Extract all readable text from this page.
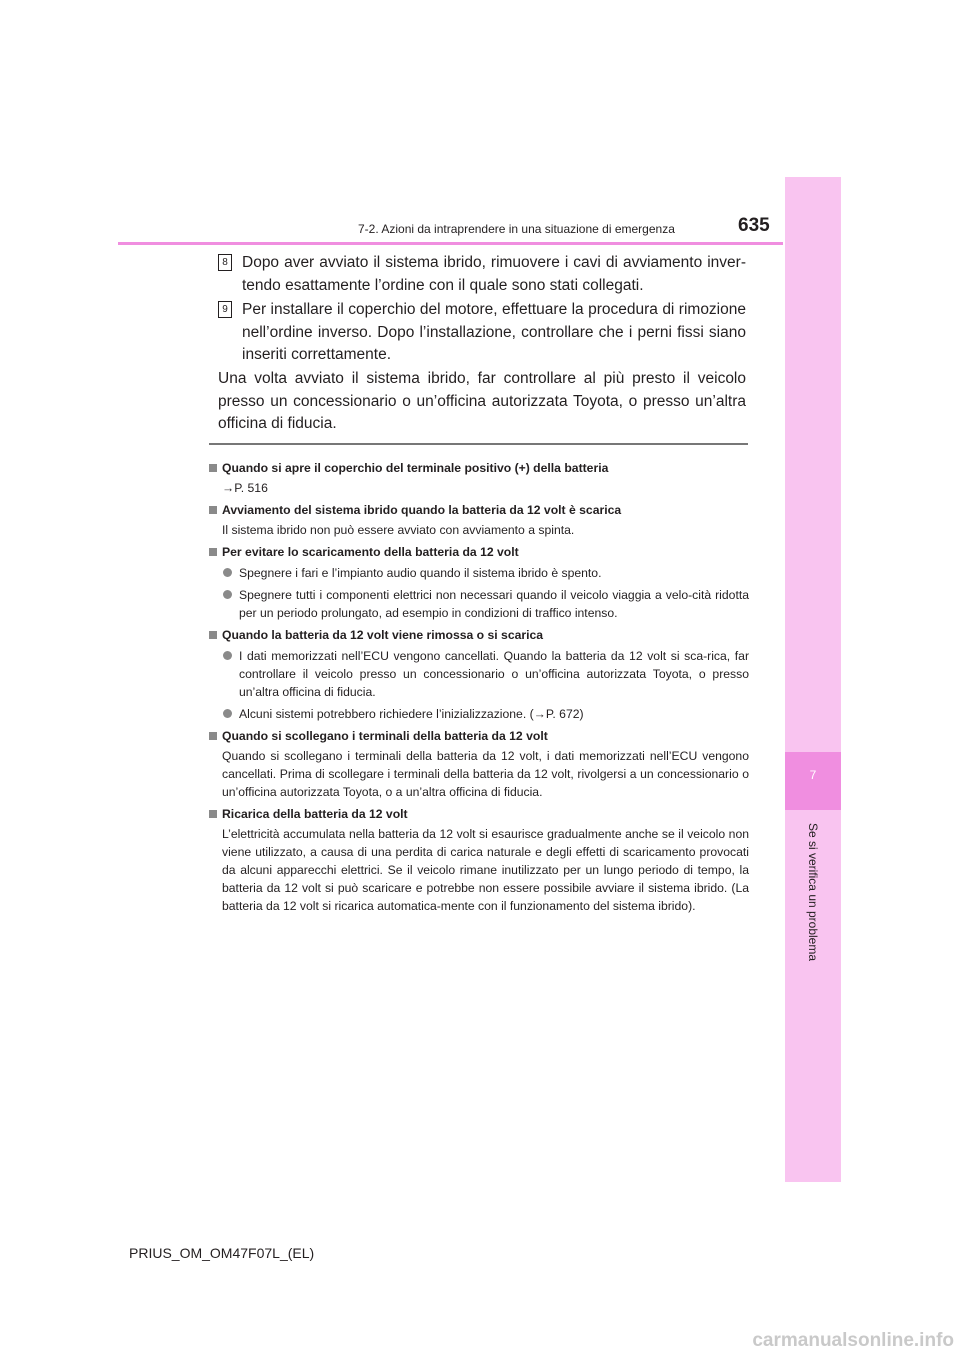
7
Se si verifica un problema
7-2. Azioni da intraprendere in una situazione di emergenza	635
8 Dopo aver avviato il sistema ibrido, rimuovere i cavi di avviamento inver-tendo esattamente l’ordine con il quale sono stati collegati.
9 Per installare il coperchio del motore, effettuare la procedura di rimozione nell’ordine inverso. Dopo l’installazione, controllare che i perni fissi siano inseriti correttamente.
Una volta avviato il sistema ibrido, far controllare al più presto il veicolo presso un concessionario o un’officina autorizzata Toyota, o presso un’altra officina di fiducia.
Quando si apre il coperchio del terminale positivo (+) della batteria
→P. 516
Avviamento del sistema ibrido quando la batteria da 12 volt è scarica
Il sistema ibrido non può essere avviato con avviamento a spinta.
Per evitare lo scaricamento della batteria da 12 volt
Spegnere i fari e l’impianto audio quando il sistema ibrido è spento.
Spegnere tutti i componenti elettrici non necessari quando il veicolo viaggia a velo-cità ridotta per un periodo prolungato, ad esempio in condizioni di traffico intenso.
Quando la batteria da 12 volt viene rimossa o si scarica
I dati memorizzati nell’ECU vengono cancellati. Quando la batteria da 12 volt si sca-rica, far controllare il veicolo presso un concessionario o un’officina autorizzata Toyota, o presso un’altra officina di fiducia.
Alcuni sistemi potrebbero richiedere l’inizializzazione. (→P. 672)
Quando si scollegano i terminali della batteria da 12 volt
Quando si scollegano i terminali della batteria da 12 volt, i dati memorizzati nell’ECU vengono cancellati. Prima di scollegare i terminali della batteria da 12 volt, rivolgersi a un concessionario o un’officina autorizzata Toyota, o a un’altra officina di fiducia.
Ricarica della batteria da 12 volt
L’elettricità accumulata nella batteria da 12 volt si esaurisce gradualmente anche se il veicolo non viene utilizzato, a causa di una perdita di carica naturale e degli effetti di scaricamento provocati da alcuni apparecchi elettrici. Se il veicolo rimane inutilizzato per un lungo periodo di tempo, la batteria da 12 volt si può scaricare e potrebbe non essere possibile avviare il sistema ibrido. (La batteria da 12 volt si ricarica automatica-mente con il funzionamento del sistema ibrido).
PRIUS_OM_OM47F07L_(EL)
carmanualsonline.info
